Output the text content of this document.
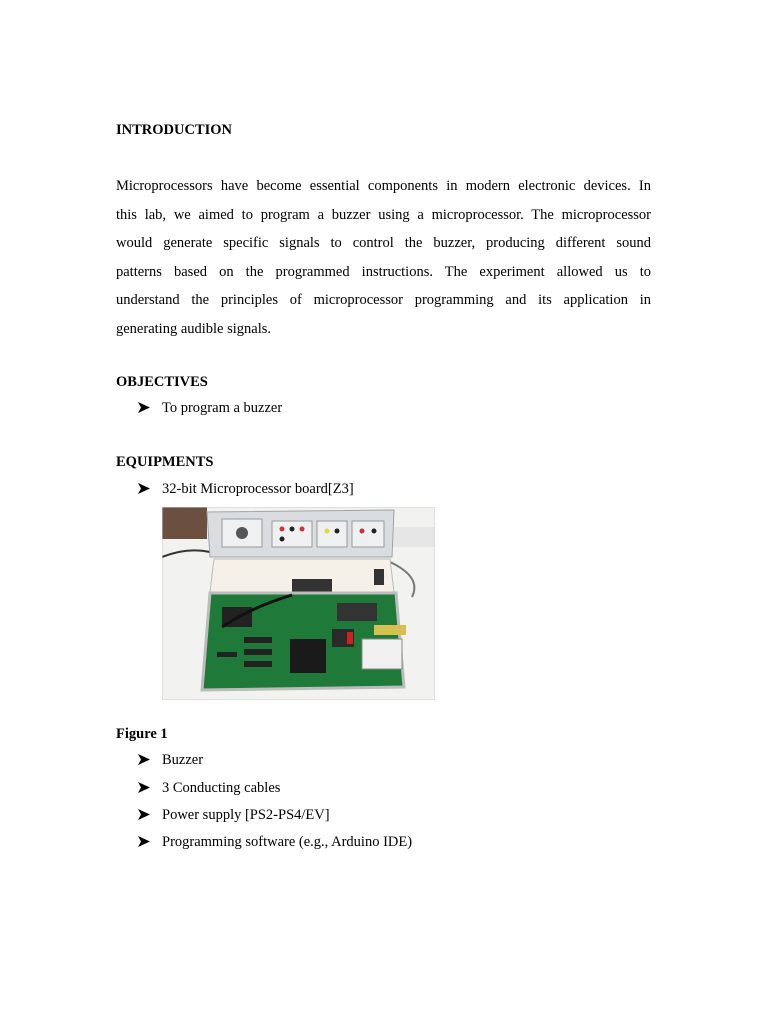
INTRODUCTION

Microprocessors have become essential components in modern electronic devices. In
this lab, we aimed to program a buzzer using a microprocessor. The microprocessor
would generate specific signals to control the buzzer, producing different sound
patterns based on the programmed instructions. The experiment allowed us to
understand the principles of microprocessor programming and its application in
generating audible signals.

OBJECTIVES
To program a buzzer
EQUIPMENTS
32-bit Microprocessor board[Z3]
Figure 1
Buzzer
3 Conducting cables
Power supply [PS2-PS4/EV]
Programming software (e.g., Arduino IDE)
